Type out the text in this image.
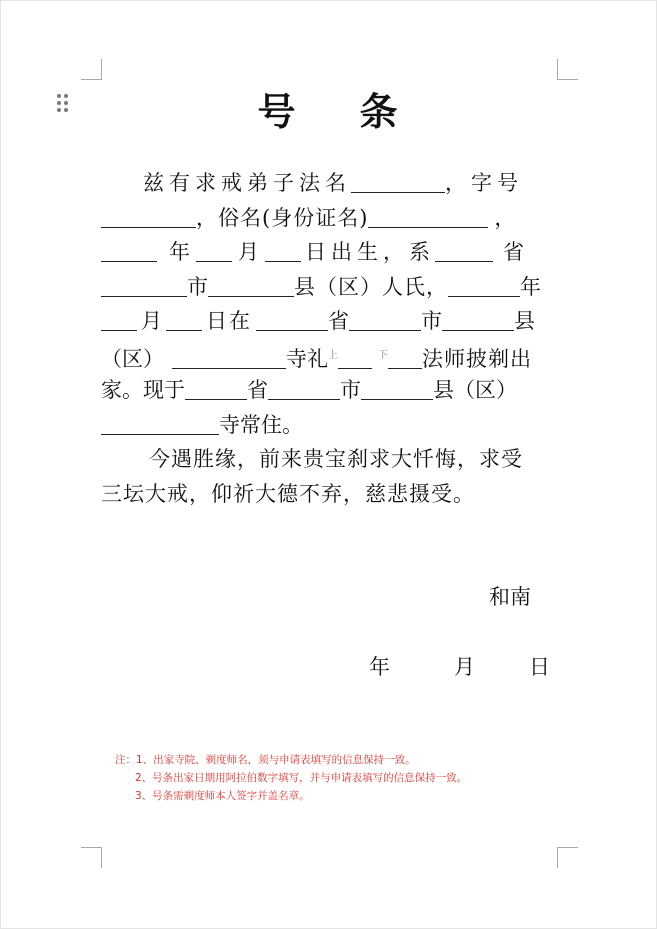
号 条
兹有求戒弟子法名	，字号
，俗名(身份证名)	，
年 月 日出生，系	省
市	县（区）人氏，	年
月 日在	省	市	县
（区）	寺礼$^上$	$^下$ 法师披剃出
家。现于	省	市	县（区）
寺常住。
今遇胜缘，前来贵宝刹求大忏悔，求受
三坛大戒，仰祈大德不弃，慈悲摄受。
和南
年	月	日
注：1、出家寺院、剃度师名，须与申请表填写的信息保持一致。
2、号条出家日期用阿拉伯数字填写，并与申请表填写的信息保持一致。
3、号条需剃度师本人签字并盖名章。
